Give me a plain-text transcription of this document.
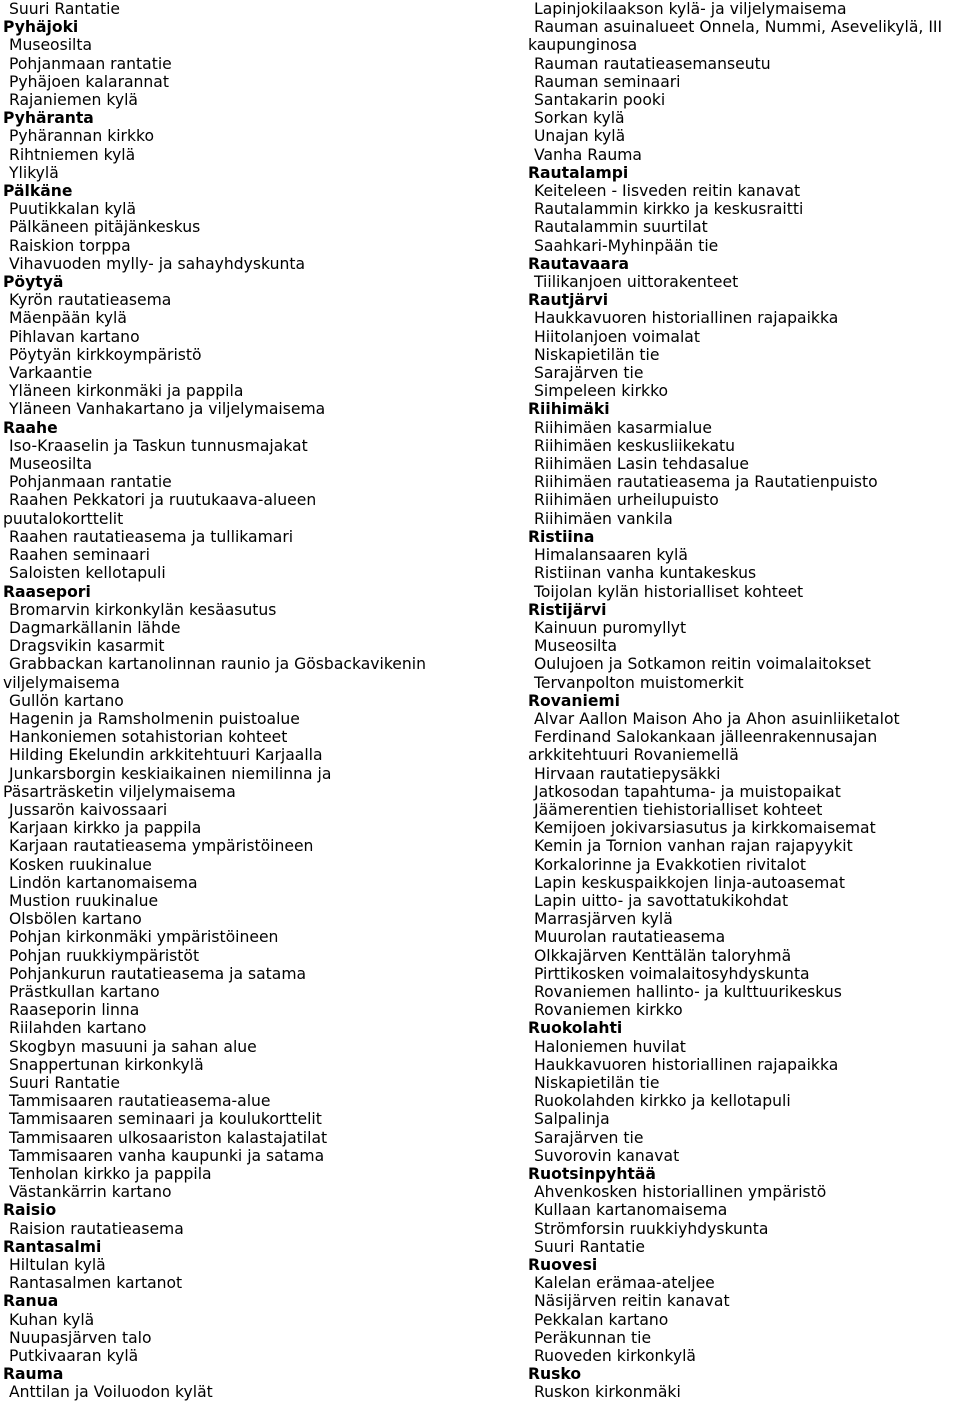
Suuri Rantatie
Pyhäjoki
Museosilta
Pohjanmaan rantatie
Pyhäjoen kalarannat
Rajaniemen kylä
Pyhäranta
Pyhärannan kirkko
Rihtniemen kylä
Ylikylä
Pälkäne
Puutikkalan kylä
Pälkäneen pitäjänkeskus
Raiskion torppa
Vihavuoden mylly- ja sahayhdyskunta
Pöytyä
Kyrön rautatieasema
Mäenpään kylä
Pihlavan kartano
Pöytyän kirkkoympäristö
Varkaantie
Yläneen kirkonmäki ja pappila
Yläneen Vanhakartano ja viljelymaisema
Raahe
Iso-Kraaselin ja Taskun tunnusmajakat
Museosilta
Pohjanmaan rantatie
Raahen Pekkatori ja ruutukaava-alueen
puutalokorttelit
Raahen rautatieasema ja tullikamari
Raahen seminaari
Saloisten kellotapuli
Raasepori
Bromarvin kirkonkylän kesäasutus
Dagmarkällanin lähde
Dragsvikin kasarmit
Grabbackan kartanolinnan raunio ja Gösbackavikenin
viljelymaisema
Gullön kartano
Hagenin ja Ramsholmenin puistoalue
Hankoniemen sotahistorian kohteet
Hilding Ekelundin arkkitehtuuri Karjaalla
Junkarsborgin keskiaikainen niemilinna ja
Päsarträsketin viljelymaisema
Jussarön kaivossaari
Karjaan kirkko ja pappila
Karjaan rautatieasema ympäristöineen
Kosken ruukinalue
Lindön kartanomaisema
Mustion ruukinalue
Olsbölen kartano
Pohjan kirkonmäki ympäristöineen
Pohjan ruukkiympäristöt
Pohjankurun rautatieasema ja satama
Prästkullan kartano
Raaseporin linna
Riilahden kartano
Skogbyn masuuni ja sahan alue
Snappertunan kirkonkylä
Suuri Rantatie
Tammisaaren rautatieasema-alue
Tammisaaren seminaari ja koulukorttelit
Tammisaaren ulkosaariston kalastajatilat
Tammisaaren vanha kaupunki ja satama
Tenholan kirkko ja pappila
Västankärrin kartano
Raisio
Raision rautatieasema
Rantasalmi
Hiltulan kylä
Rantasalmen kartanot
Ranua
Kuhan kylä
Nuupasjärven talo
Putkivaaran kylä
Rauma
Anttilan ja Voiluodon kylät
Lapinjokilaakson kylä- ja viljelymaisema
Rauman asuinalueet Onnela, Nummi, Asevelikylä, III
kaupunginosa
Rauman rautatieasemanseutu
Rauman seminaari
Santakarin pooki
Sorkan kylä
Unajan kylä
Vanha Rauma
Rautalampi
Keiteleen - Iisveden reitin kanavat
Rautalammin kirkko ja keskusraitti
Rautalammin suurtilat
Saahkari-Myhinpään tie
Rautavaara
Tiilikanjoen uittorakenteet
Rautjärvi
Haukkavuoren historiallinen rajapaikka
Hiitolanjoen voimalat
Niskapietilän tie
Sarajärven tie
Simpeleen kirkko
Riihimäki
Riihimäen kasarmialue
Riihimäen keskusliikekatu
Riihimäen Lasin tehdasalue
Riihimäen rautatieasema ja Rautatienpuisto
Riihimäen urheilupuisto
Riihimäen vankila
Ristiina
Himalansaaren kylä
Ristiinan vanha kuntakeskus
Toijolan kylän historialliset kohteet
Ristijärvi
Kainuun puromyllyt
Museosilta
Oulujoen ja Sotkamon reitin voimalaitokset
Tervanpolton muistomerkit
Rovaniemi
Alvar Aallon Maison Aho ja Ahon asuinliiketalot
Ferdinand Salokankaan jälleenrakennusajan
arkkitehtuuri Rovaniemellä
Hirvaan rautatiepysäkki
Jatkosodan tapahtuma- ja muistopaikat
Jäämerentien tiehistorialliset kohteet
Kemijoen jokivarsiasutus ja kirkkomaisemat
Kemin ja Tornion vanhan rajan rajapyykit
Korkalorinne ja Evakkotien rivitalot
Lapin keskuspaikkojen linja-autoasemat
Lapin uitto- ja savottatukikohdat
Marrasjärven kylä
Muurolan rautatieasema
Olkkajärven Kenttälän taloryhmä
Pirttikosken voimalaitosyhdyskunta
Rovaniemen hallinto- ja kulttuurikeskus
Rovaniemen kirkko
Ruokolahti
Haloniemen huvilat
Haukkavuoren historiallinen rajapaikka
Niskapietilän tie
Ruokolahden kirkko ja kellotapuli
Salpalinja
Sarajärven tie
Suvorovin kanavat
Ruotsinpyhtää
Ahvenkosken historiallinen ympäristö
Kullaan kartanomaisema
Strömforsin ruukkiyhdyskunta
Suuri Rantatie
Ruovesi
Kalelan erämaa-ateljee
Näsijärven reitin kanavat
Pekkalan kartano
Peräkunnan tie
Ruoveden kirkonkylä
Rusko
Ruskon kirkonmäki
